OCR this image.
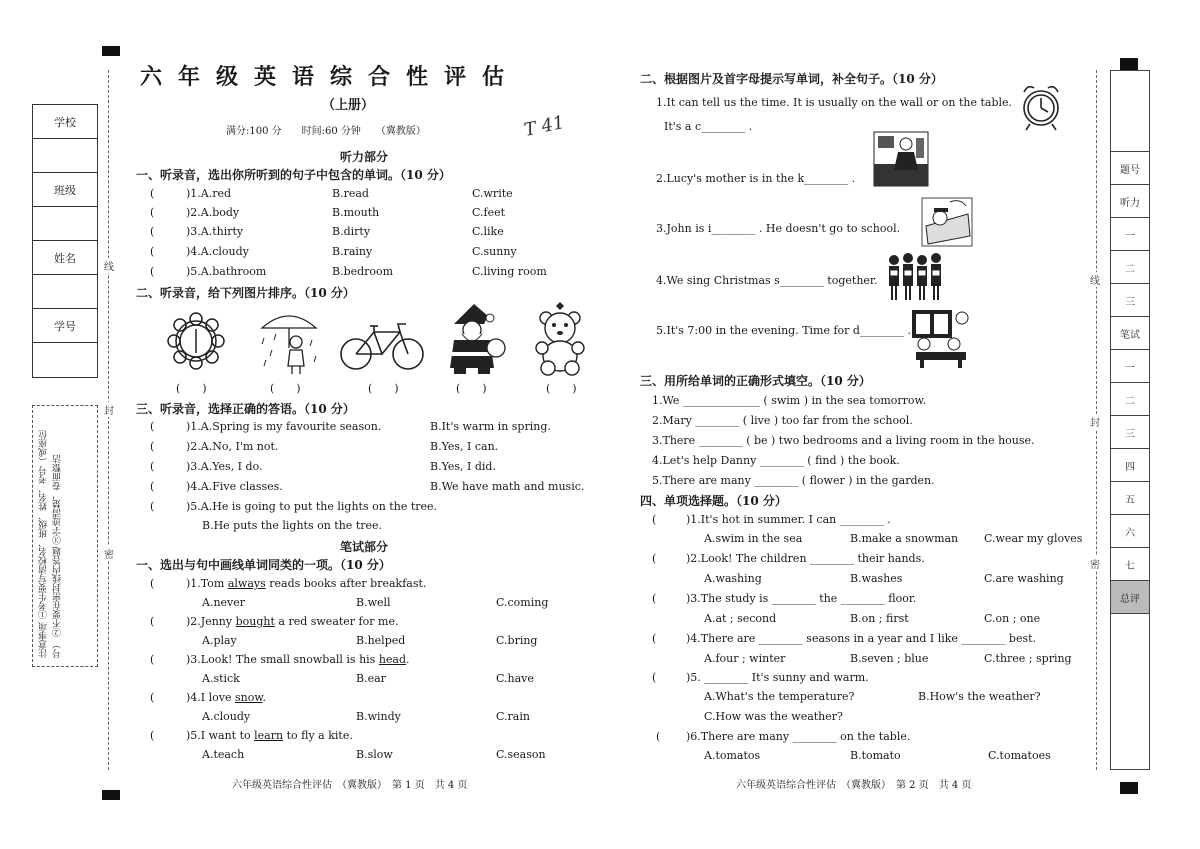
学校
班级
姓名
学号
注意事项 ①考生要写清校名、班级、姓名、考号（或座位号） ②不要在密封线内答题 ③字迹清楚，卷面整洁
线
封
密
六年级英语综合性评估
（上册）
满分:100 分　　时间:60 分钟　　（冀教版）	T 41
听力部分
一、听录音，选出你所听到的句子中包含的单词。（10 分）
(	)1.A.red	B.read	C.write
(	)2.A.body	B.mouth	C.feet
(	)3.A.thirty	B.dirty	C.like
(	)4.A.cloudy	B.rainy	C.sunny
(	)5.A.bathroom	B.bedroom	C.living room
二、听录音，给下列图片排序。（10 分）
(　　)	(　　)	(　　)	(　　)	(　　)
三、听录音，选择正确的答语。（10 分）
(	)1.A.Spring is my favourite season.	B.It's warm in spring.
(	)2.A.No, I'm not.	B.Yes, I can.
(	)3.A.Yes, I do.	B.Yes, I did.
(	)4.A.Five classes.	B.We have math and music.
(	)5.A.He is going to put the lights on the tree.
B.He puts the lights on the tree.
笔试部分
一、选出与句中画线单词同类的一项。（10 分）
(	)1.Tom always reads books after breakfast.
A.never	B.well	C.coming
(	)2.Jenny bought a red sweater for me.
A.play	B.helped	C.bring
(	)3.Look! The small snowball is his head.
A.stick	B.ear	C.have
(	)4.I love snow.
A.cloudy	B.windy	C.rain
(	)5.I want to learn to fly a kite.
A.teach	B.slow	C.season
六年级英语综合性评估　（冀教版）　第 1 页　共 4 页
二、根据图片及首字母提示写单词，补全句子。（10 分）
1.It can tell us the time. It is usually on the wall or on the table.
It's a c________ .
2.Lucy's mother is in the k________ .
3.John is i________ . He doesn't go to school.
4.We sing Christmas s________ together.
5.It's 7:00 in the evening. Time for d________ .
三、用所给单词的正确形式填空。（10 分）
1.We ______________ ( swim ) in the sea tomorrow.
2.Mary ________ ( live ) too far from the school.
3.There ________ ( be ) two bedrooms and a living room in the house.
4.Let's help Danny ________ ( find ) the book.
5.There are many ________ ( flower ) in the garden.
四、单项选择题。（10 分）
(	)1.It's hot in summer. I can ________ .
A.swim in the sea	B.make a snowman C.wear my gloves
(	)2.Look! The children ________ their hands.
A.washing	B.washes	C.are washing
(	)3.The study is ________ the ________ floor.
A.at ; second	B.on ; first	C.on ; one
(	)4.There are ________ seasons in a year and I like ________ best.
A.four ; winter	B.seven ; blue	C.three ; spring
(	)5. ________ It's sunny and warm.
A.What's the temperature?	B.How's the weather?
C.How was the weather?
( )6.There are many ________ on the table.
A.tomatos	B.tomato	C.tomatoes
六年级英语综合性评估　（冀教版）　第 2 页　共 4 页
线
封
密
题号
听力
一
二
三
笔试
一
二
三
四
五
六
七
总评
